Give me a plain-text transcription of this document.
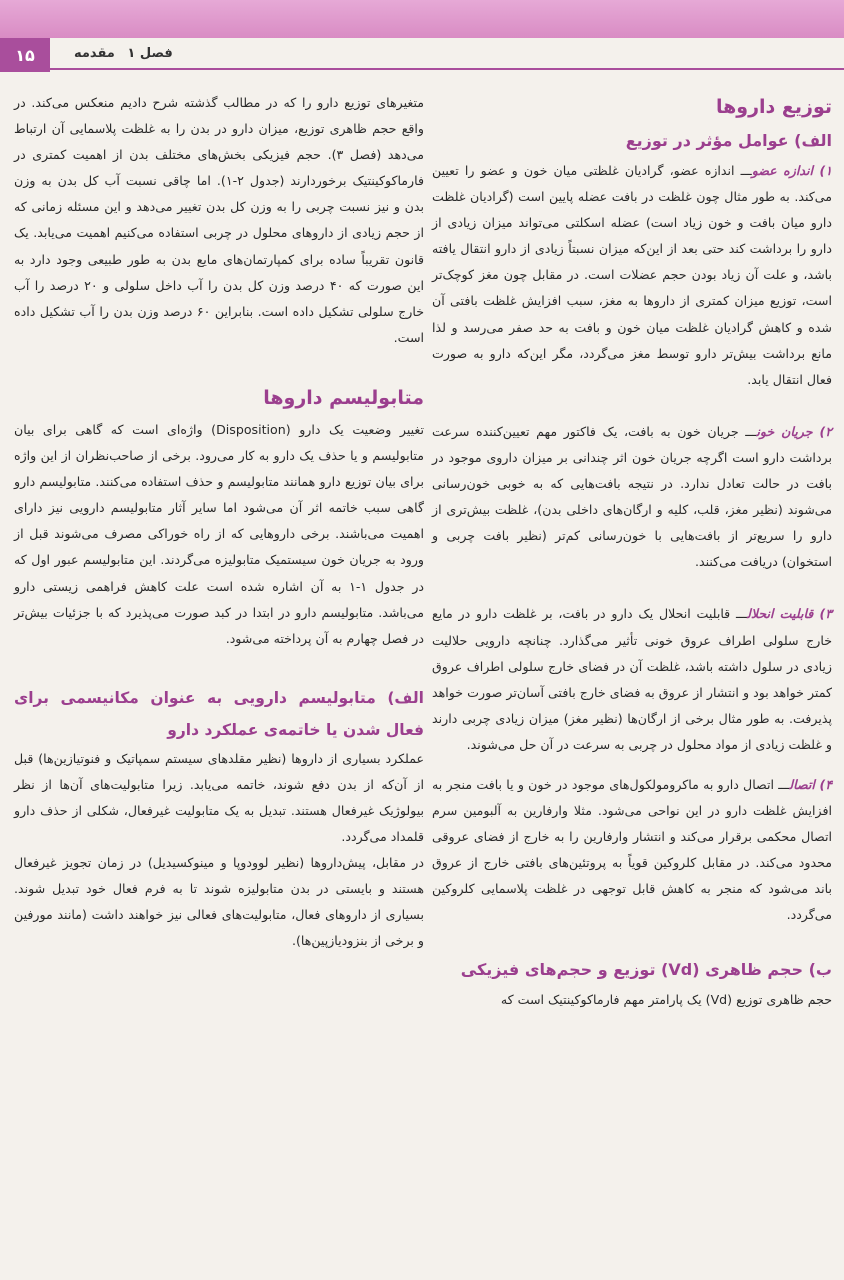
۱۵	فصل ۱ مقدمه
توزیع داروها
الف) عوامل مؤثر در توزیع

۱) اندازه عضوـــ اندازه عضو، گرادیان غلظتی میان خون و عضو را تعیین می‌کند. به طور مثال چون غلظت در بافت عضله پایین است (گرادیان غلظت دارو میان بافت و خون زیاد است) عضله اسکلتی می‌تواند میزان زیادی از دارو را برداشت کند حتی بعد از این‌که میزان نسبتاً زیادی از دارو انتقال یافته باشد، و علت آن زیاد بودن حجم عضلات است. در مقابل چون مغز کوچک‌تر است، توزیع میزان کمتری از داروها به مغز، سبب افزایش غلظت بافتی آن شده و کاهش گرادیان غلظت میان خون و بافت به حد صفر می‌رسد و لذا مانع برداشت بیش‌تر دارو توسط مغز می‌گردد، مگر این‌که دارو به صورت فعال انتقال یابد.

۲) جریان خونـــ جریان خون به بافت، یک فاکتور مهم تعیین‌کننده سرعت برداشت دارو است اگرچه جریان خون اثر چندانی بر میزان داروی موجود در بافت در حالت تعادل ندارد. در نتیجه بافت‌هایی که به خوبی خون‌رسانی می‌شوند (نظیر مغز، قلب، کلیه و ارگان‌های داخلی بدن)، غلظت بیش‌تری از دارو را سریع‌تر از بافت‌هایی با خون‌رسانی کم‌تر (نظیر بافت چربی و استخوان) دریافت می‌کنند.

۳) قابلیت انحلالـــ قابلیت انحلال یک دارو در بافت، بر غلظت دارو در مایع خارج سلولی اطراف عروق خونی تأثیر می‌گذارد. چنانچه دارویی حلالیت زیادی در سلول داشته باشد، غلظت آن در فضای خارج سلولی اطراف عروق کمتر خواهد بود و انتشار از عروق به فضای خارج بافتی آسان‌تر صورت خواهد پذیرفت. به طور مثال برخی از ارگان‌ها (نظیر مغز) میزان زیادی چربی دارند و غلظت زیادی از مواد محلول در چربی به سرعت در آن حل می‌شوند.

۴) اتصالـــ اتصال دارو به ماکرومولکول‌های موجود در خون و یا بافت منجر به افزایش غلظت دارو در این نواحی می‌شود. مثلا وارفارین به آلبومین سرم اتصال محکمی برقرار می‌کند و انتشار وارفارین را به خارج از فضای عروقی محدود می‌کند. در مقابل کلروکین قویاً به پروتئین‌های بافتی خارج از عروق باند می‌شود که منجر به کاهش قابل توجهی در غلظت پلاسمایی کلروکین می‌گردد.

ب) حجم ظاهری (Vd) توزیع و حجم‌های فیزیکی

حجم ظاهری توزیع (Vd) یک پارامتر مهم فارماکوکینتیک است که

متغیرهای توزیع دارو را که در مطالب گذشته شرح دادیم منعکس می‌کند. در واقع حجم ظاهری توزیع، میزان دارو در بدن را به غلظت پلاسمایی آن ارتباط می‌دهد (فصل ۳). حجم فیزیکی بخش‌های مختلف بدن از اهمیت کمتری در فارماکوکینتیک برخوردارند (جدول ۲-۱). اما چاقی نسبت آب کل بدن به وزن بدن و نیز نسبت چربی را به وزن کل بدن تغییر می‌دهد و این مسئله زمانی که از حجم زیادی از داروهای محلول در چربی استفاده می‌کنیم اهمیت می‌یابد. یک قانون تقریباً ساده برای کمپارتمان‌های مایع بدن به طور طبیعی وجود دارد به این صورت که ۴۰ درصد وزن کل بدن را آب داخل سلولی و ۲۰ درصد را آب خارج سلولی تشکیل داده است. بنابراین ۶۰ درصد وزن بدن را آب تشکیل داده است.

متابولیسم داروها

تغییر وضعیت یک دارو (Disposition) واژه‌ای است که گاهی برای بیان متابولیسم و یا حذف یک دارو به کار می‌رود. برخی از صاحب‌نظران از این واژه برای بیان توزیع دارو همانند متابولیسم و حذف استفاده می‌کنند. متابولیسم دارو گاهی سبب خاتمه اثر آن می‌شود اما سایر آثار متابولیسم دارویی نیز دارای اهمیت می‌باشند. برخی داروهایی که از راه خوراکی مصرف می‌شوند قبل از ورود به جریان خون سیستمیک متابولیزه می‌گردند. این متابولیسم عبور اول که در جدول ۱-۱ به آن اشاره شده است علت کاهش فراهمی زیستی دارو می‌باشد. متابولیسم دارو در ابتدا در کبد صورت می‌پذیرد که با جزئیات بیش‌تر در فصل چهارم به آن پرداخته می‌شود.

الف) متابولیسم دارویی به عنوان مکانیسمی برای فعال شدن یا خاتمه‌ی عملکرد دارو

عملکرد بسیاری از داروها (نظیر مقلدهای سیستم سمپاتیک و فنوتیازین‌ها) قبل از آن‌که از بدن دفع شوند، خاتمه می‌یابد. زیرا متابولیت‌های آن‌ها از نظر بیولوژیک غیرفعال هستند. تبدیل به یک متابولیت غیرفعال، شکلی از حذف دارو قلمداد می‌گردد.

در مقابل، پیش‌داروها (نظیر لوودوپا و مینوکسیدیل) در زمان تجویز غیرفعال هستند و بایستی در بدن متابولیزه شوند تا به فرم فعال خود تبدیل شوند. بسیاری از داروهای فعال، متابولیت‌های فعالی نیز خواهند داشت (مانند مورفین و برخی از بنزودیازپین‌ها).
